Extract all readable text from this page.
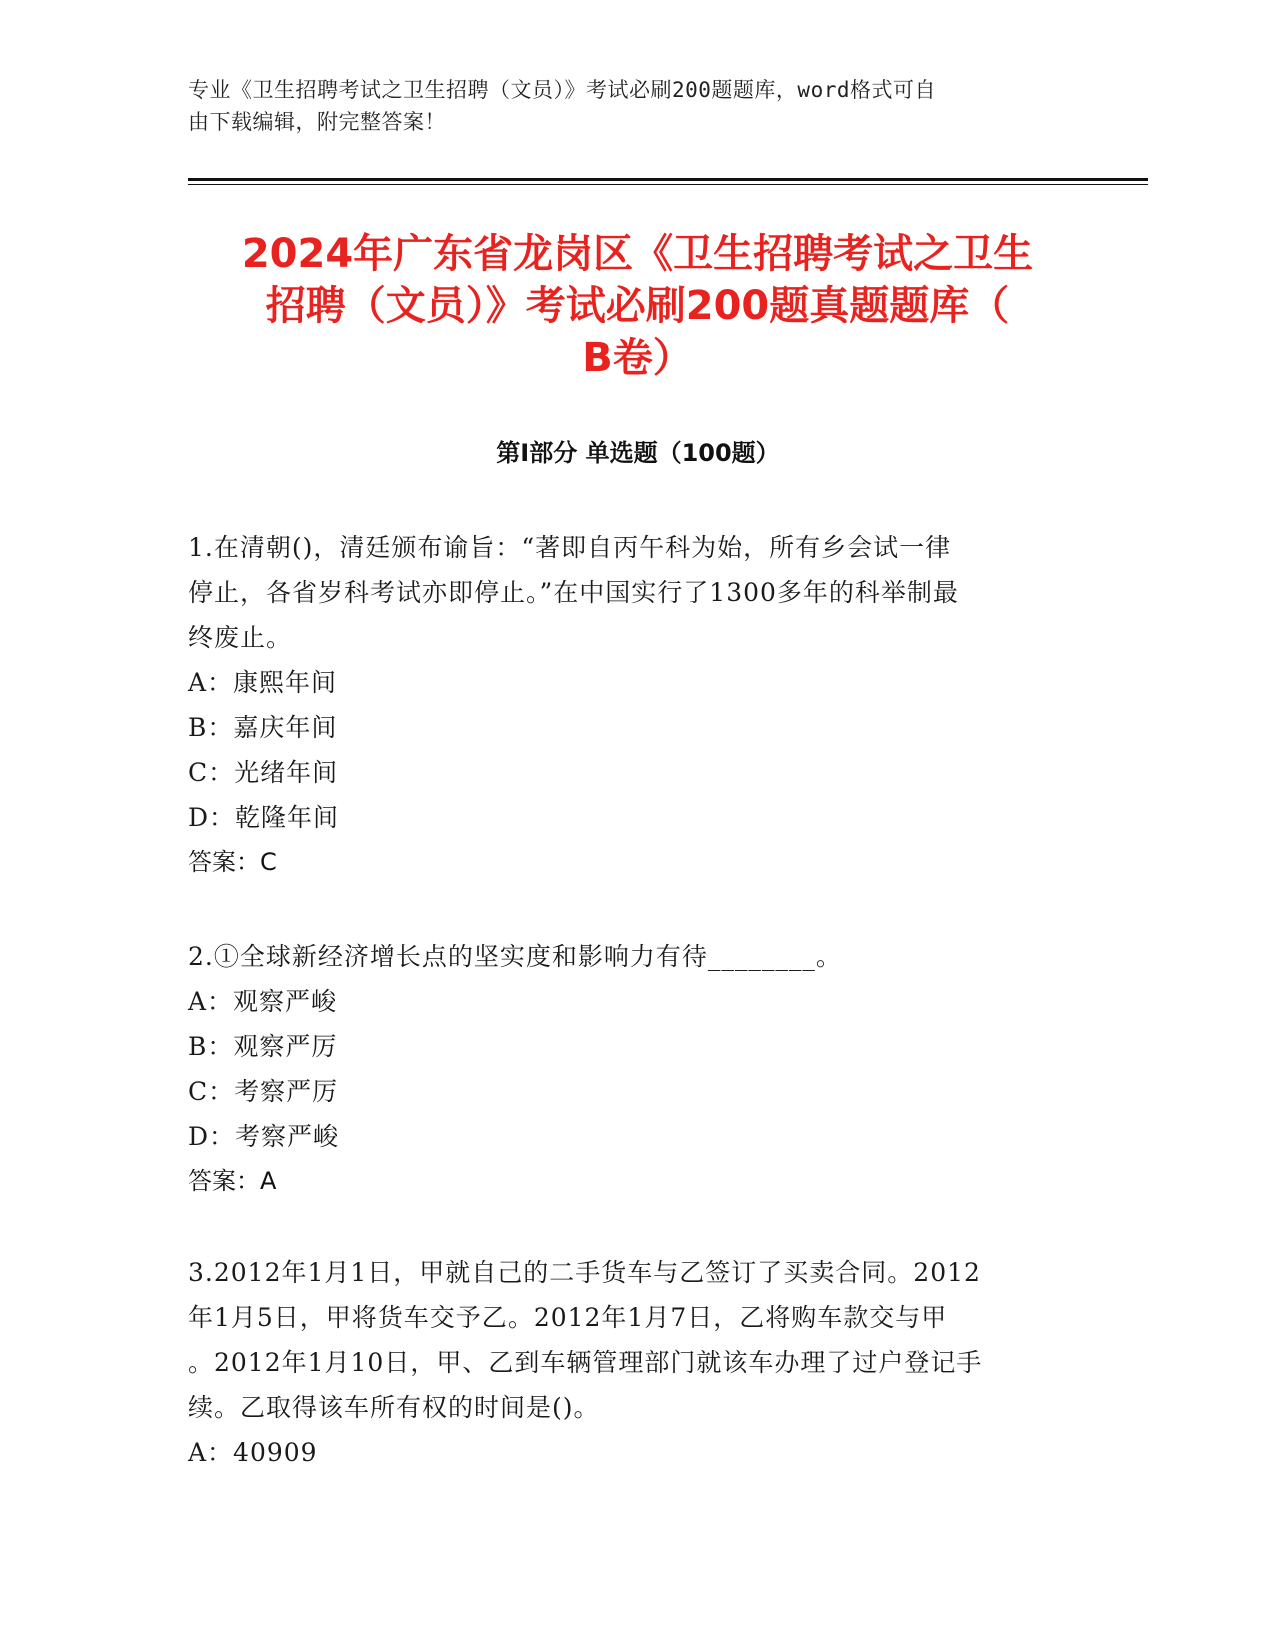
专业《卫生招聘考试之卫生招聘（文员）》考试必刷200题题库，word格式可自
由下载编辑，附完整答案！
2024年广东省龙岗区《卫生招聘考试之卫生
招聘（文员）》考试必刷200题真题题库（
B卷）
第Ⅰ部分 单选题（100题）

1.在清朝()，清廷颁布谕旨：“著即自丙午科为始，所有乡会试一律

停止，各省岁科考试亦即停止。”在中国实行了1300多年的科举制最

终废止。

A：康熙年间

B：嘉庆年间

C：光绪年间

D：乾隆年间

答案：C

2.①全球新经济增长点的坚实度和影响力有待________。

A：观察严峻

B：观察严厉

C：考察严厉

D：考察严峻

答案：A

3.2012年1月1日，甲就自己的二手货车与乙签订了买卖合同。2012

年1月5日，甲将货车交予乙。2012年1月7日，乙将购车款交与甲

。2012年1月10日，甲、乙到车辆管理部门就该车办理了过户登记手

续。乙取得该车所有权的时间是()。

A：40909
